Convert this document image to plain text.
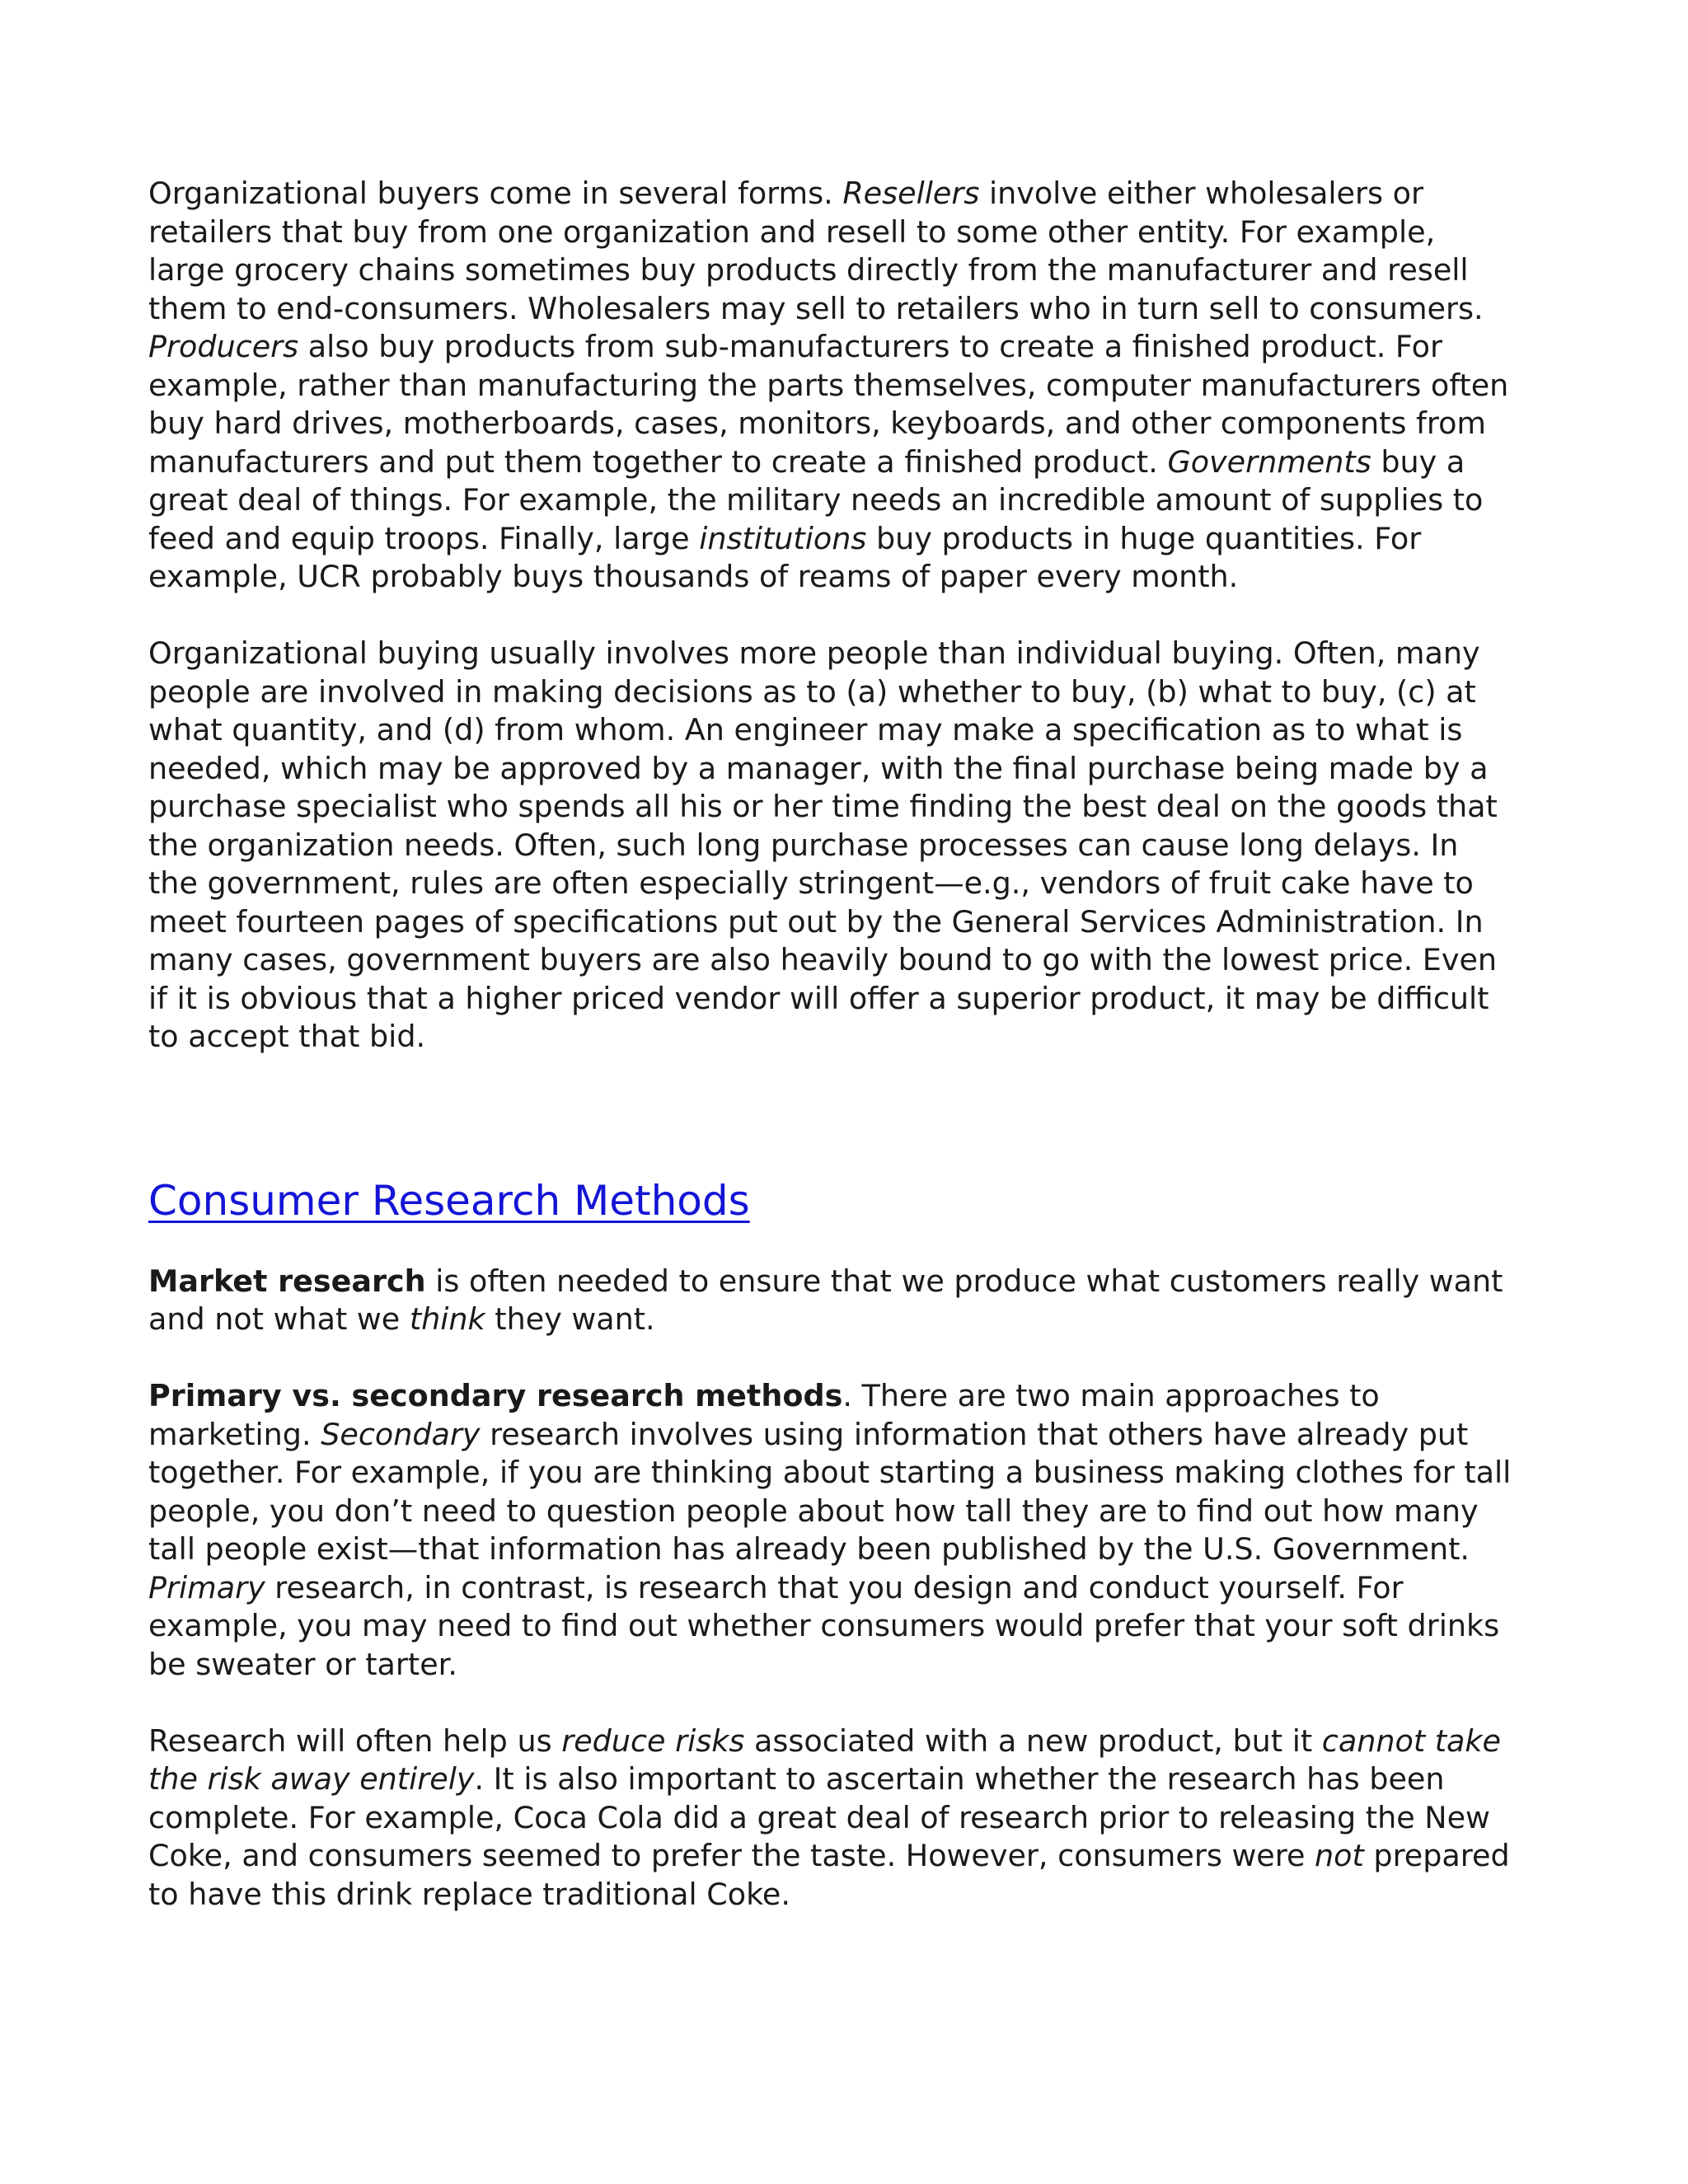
Organizational buyers come in several forms. Resellers involve either wholesalers or retailers that buy from one organization and resell to some other entity. For example, large grocery chains sometimes buy products directly from the manufacturer and resell them to end-consumers. Wholesalers may sell to retailers who in turn sell to consumers. Producers also buy products from sub-manufacturers to create a finished product. For example, rather than manufacturing the parts themselves, computer manufacturers often buy hard drives, motherboards, cases, monitors, keyboards, and other components from manufacturers and put them together to create a finished product. Governments buy a great deal of things. For example, the military needs an incredible amount of supplies to feed and equip troops. Finally, large institutions buy products in huge quantities. For example, UCR probably buys thousands of reams of paper every month.

Organizational buying usually involves more people than individual buying. Often, many people are involved in making decisions as to (a) whether to buy, (b) what to buy, (c) at what quantity, and (d) from whom. An engineer may make a specification as to what is needed, which may be approved by a manager, with the final purchase being made by a purchase specialist who spends all his or her time finding the best deal on the goods that the organization needs. Often, such long purchase processes can cause long delays. In the government, rules are often especially stringent—e.g., vendors of fruit cake have to meet fourteen pages of specifications put out by the General Services Administration. In many cases, government buyers are also heavily bound to go with the lowest price. Even if it is obvious that a higher priced vendor will offer a superior product, it may be difficult to accept that bid.

Consumer Research Methods

Market research is often needed to ensure that we produce what customers really want and not what we think they want.

Primary vs. secondary research methods. There are two main approaches to marketing. Secondary research involves using information that others have already put together. For example, if you are thinking about starting a business making clothes for tall people, you don’t need to question people about how tall they are to find out how many tall people exist—that information has already been published by the U.S. Government. Primary research, in contrast, is research that you design and conduct yourself. For example, you may need to find out whether consumers would prefer that your soft drinks be sweater or tarter.

Research will often help us reduce risks associated with a new product, but it cannot take the risk away entirely. It is also important to ascertain whether the research has been complete. For example, Coca Cola did a great deal of research prior to releasing the New Coke, and consumers seemed to prefer the taste. However, consumers were not prepared to have this drink replace traditional Coke.
